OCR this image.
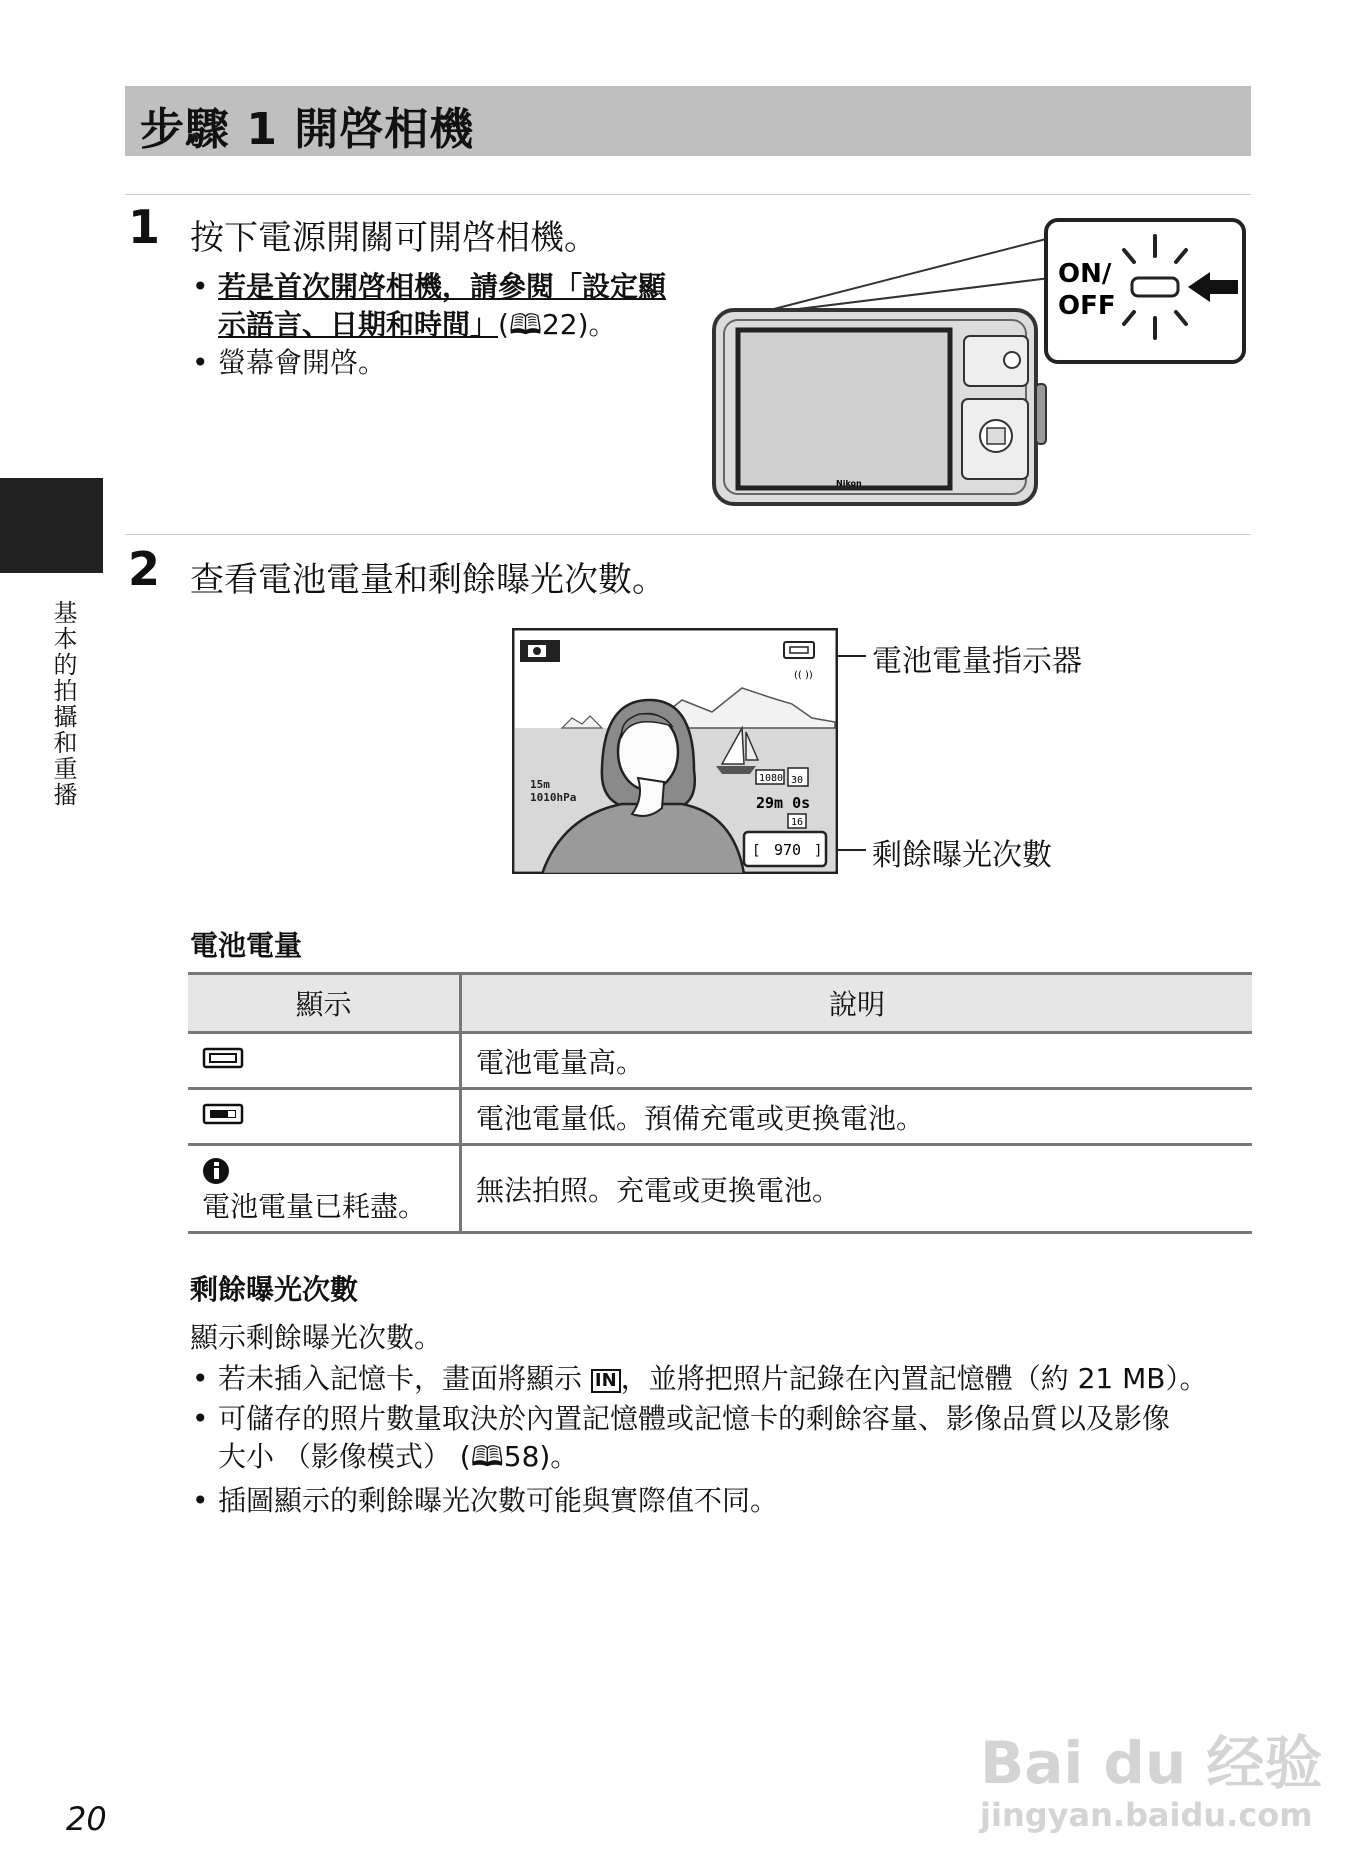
步驟 1 開啓相機
基本的拍攝和重播
1 按下電源開關可開啓相機。
• 若是首次開啓相機，請參閱「設定顯示語言、日期和時間」(🕮22)。
• 螢幕會開啓。
Nikon
ON/
OFF
2 查看電池電量和剩餘曝光次數。
(( ))
15m
1010hPa
1080 30
29m 0s
16
[	]
970
電池電量指示器
剩餘曝光次數
電池電量
顯示	說明
	電池電量高。
	電池電量低。預備充電或更換電池。

電池電量已耗盡。	無法拍照。充電或更換電池。
剩餘曝光次數
顯示剩餘曝光次數。
• 若未插入記憶卡，畫面將顯示 IN ，並將把照片記錄在內置記憶體（約 21 MB）。
• 可儲存的照片數量取決於內置記憶體或記憶卡的剩餘容量、影像品質以及影像
大小 （影像模式） (🕮58)。
• 插圖顯示的剩餘曝光次數可能與實際值不同。
20
Bai du 经验
jingyan.baidu.com
